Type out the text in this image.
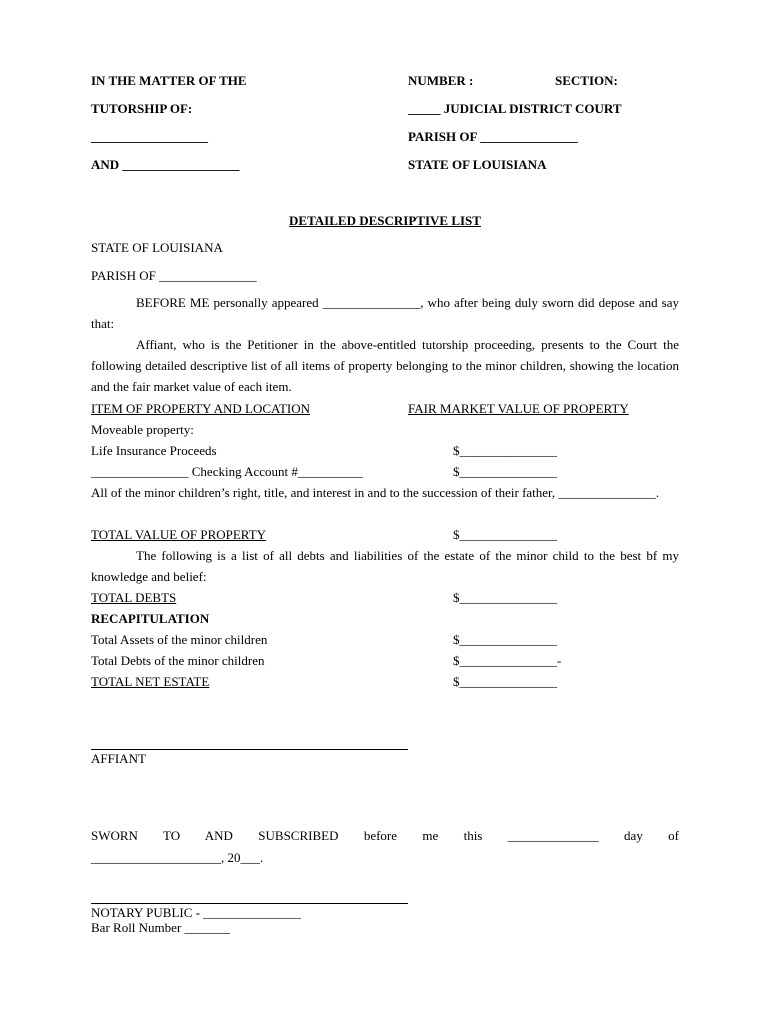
IN THE MATTER OF THE
TUTORSHIP OF:
__________________
AND __________________
NUMBER :	SECTION:
_____ JUDICIAL DISTRICT COURT
PARISH OF _______________
STATE OF LOUISIANA
DETAILED DESCRIPTIVE LIST
STATE OF LOUISIANA
PARISH OF _______________
BEFORE ME personally appeared _______________, who after being duly sworn did depose and say that:
Affiant, who is the Petitioner in the above-entitled tutorship proceeding, presents to the Court the following detailed descriptive list of all items of property belonging to the minor children, showing the location and the fair market value of each item.
ITEM OF PROPERTY AND LOCATION	FAIR MARKET VALUE OF PROPERTY
Moveable property:
Life Insurance Proceeds	$_______________
_______________ Checking Account #__________	$_______________
All of the minor children’s right, title, and interest in and to the succession of their father, _______________.
TOTAL VALUE OF PROPERTY	$_______________
The following is a list of all debts and liabilities of the estate of the minor child to the best bf my knowledge and belief:
TOTAL DEBTS	$_______________
RECAPITULATION
Total Assets of the minor children	$_______________
Total Debts of the minor children	$_______________-
TOTAL NET ESTATE	$_______________
AFFIANT
SWORN TO AND SUBSCRIBED before me this ______________ day of
____________________, 20___.
NOTARY PUBLIC - _______________
Bar Roll Number _______
